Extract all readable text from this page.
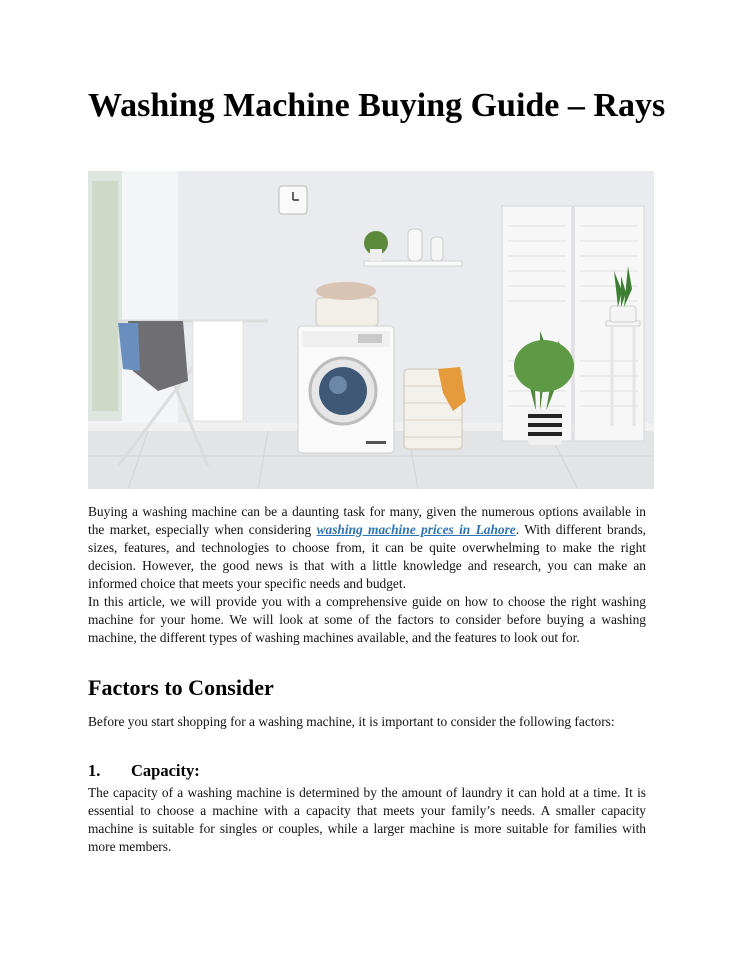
Washing Machine Buying Guide – Rays

Buying a washing machine can be a daunting task for many, given the numerous options available in the market, especially when considering washing machine prices in Lahore. With different brands, sizes, features, and technologies to choose from, it can be quite overwhelming to make the right decision. However, the good news is that with a little knowledge and research, you can make an informed choice that meets your specific needs and budget.

In this article, we will provide you with a comprehensive guide on how to choose the right washing machine for your home. We will look at some of the factors to consider before buying a washing machine, the different types of washing machines available, and the features to look out for.

Factors to Consider

Before you start shopping for a washing machine, it is important to consider the following factors:

1. Capacity:

The capacity of a washing machine is determined by the amount of laundry it can hold at a time. It is essential to choose a machine with a capacity that meets your family’s needs. A smaller capacity machine is suitable for singles or couples, while a larger machine is more suitable for families with more members.
